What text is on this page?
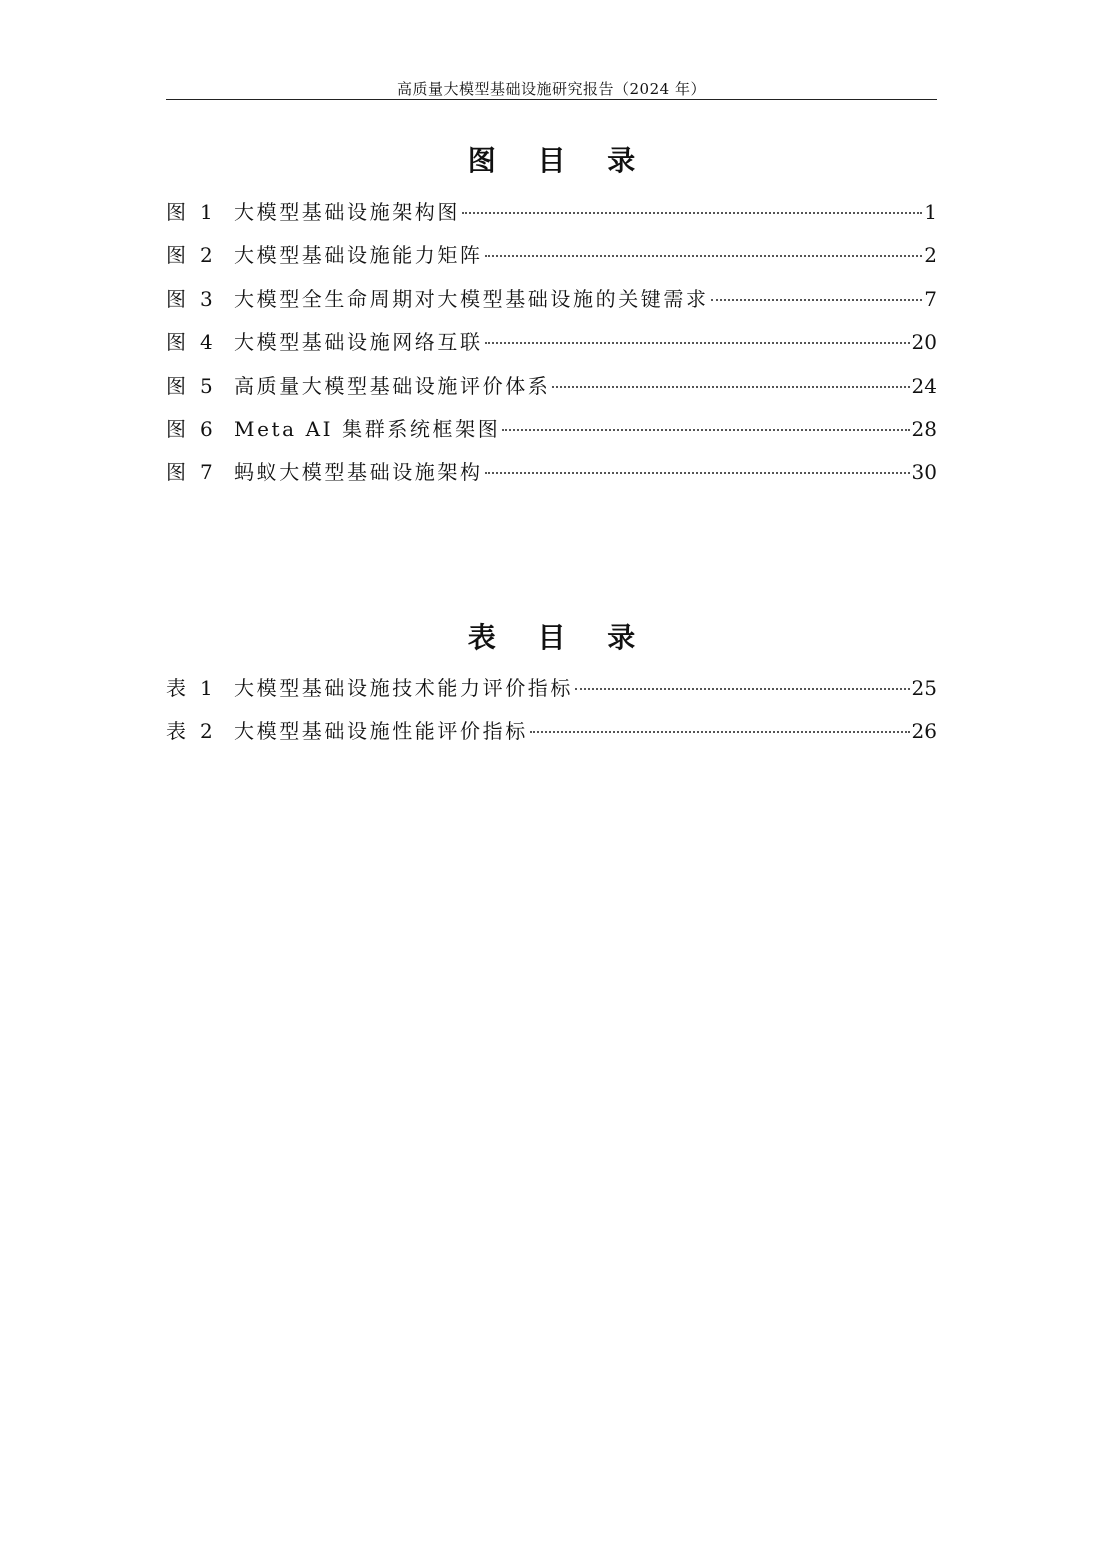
高质量大模型基础设施研究报告（2024 年）
图 目 录
图 1	大模型基础设施架构图	1
图 2	大模型基础设施能力矩阵	2
图 3	大模型全生命周期对大模型基础设施的关键需求	7
图 4	大模型基础设施网络互联	20
图 5	高质量大模型基础设施评价体系	24
图 6	Meta AI 集群系统框架图	28
图 7	蚂蚁大模型基础设施架构	30
表 目 录
表 1	大模型基础设施技术能力评价指标	25
表 2	大模型基础设施性能评价指标	26
